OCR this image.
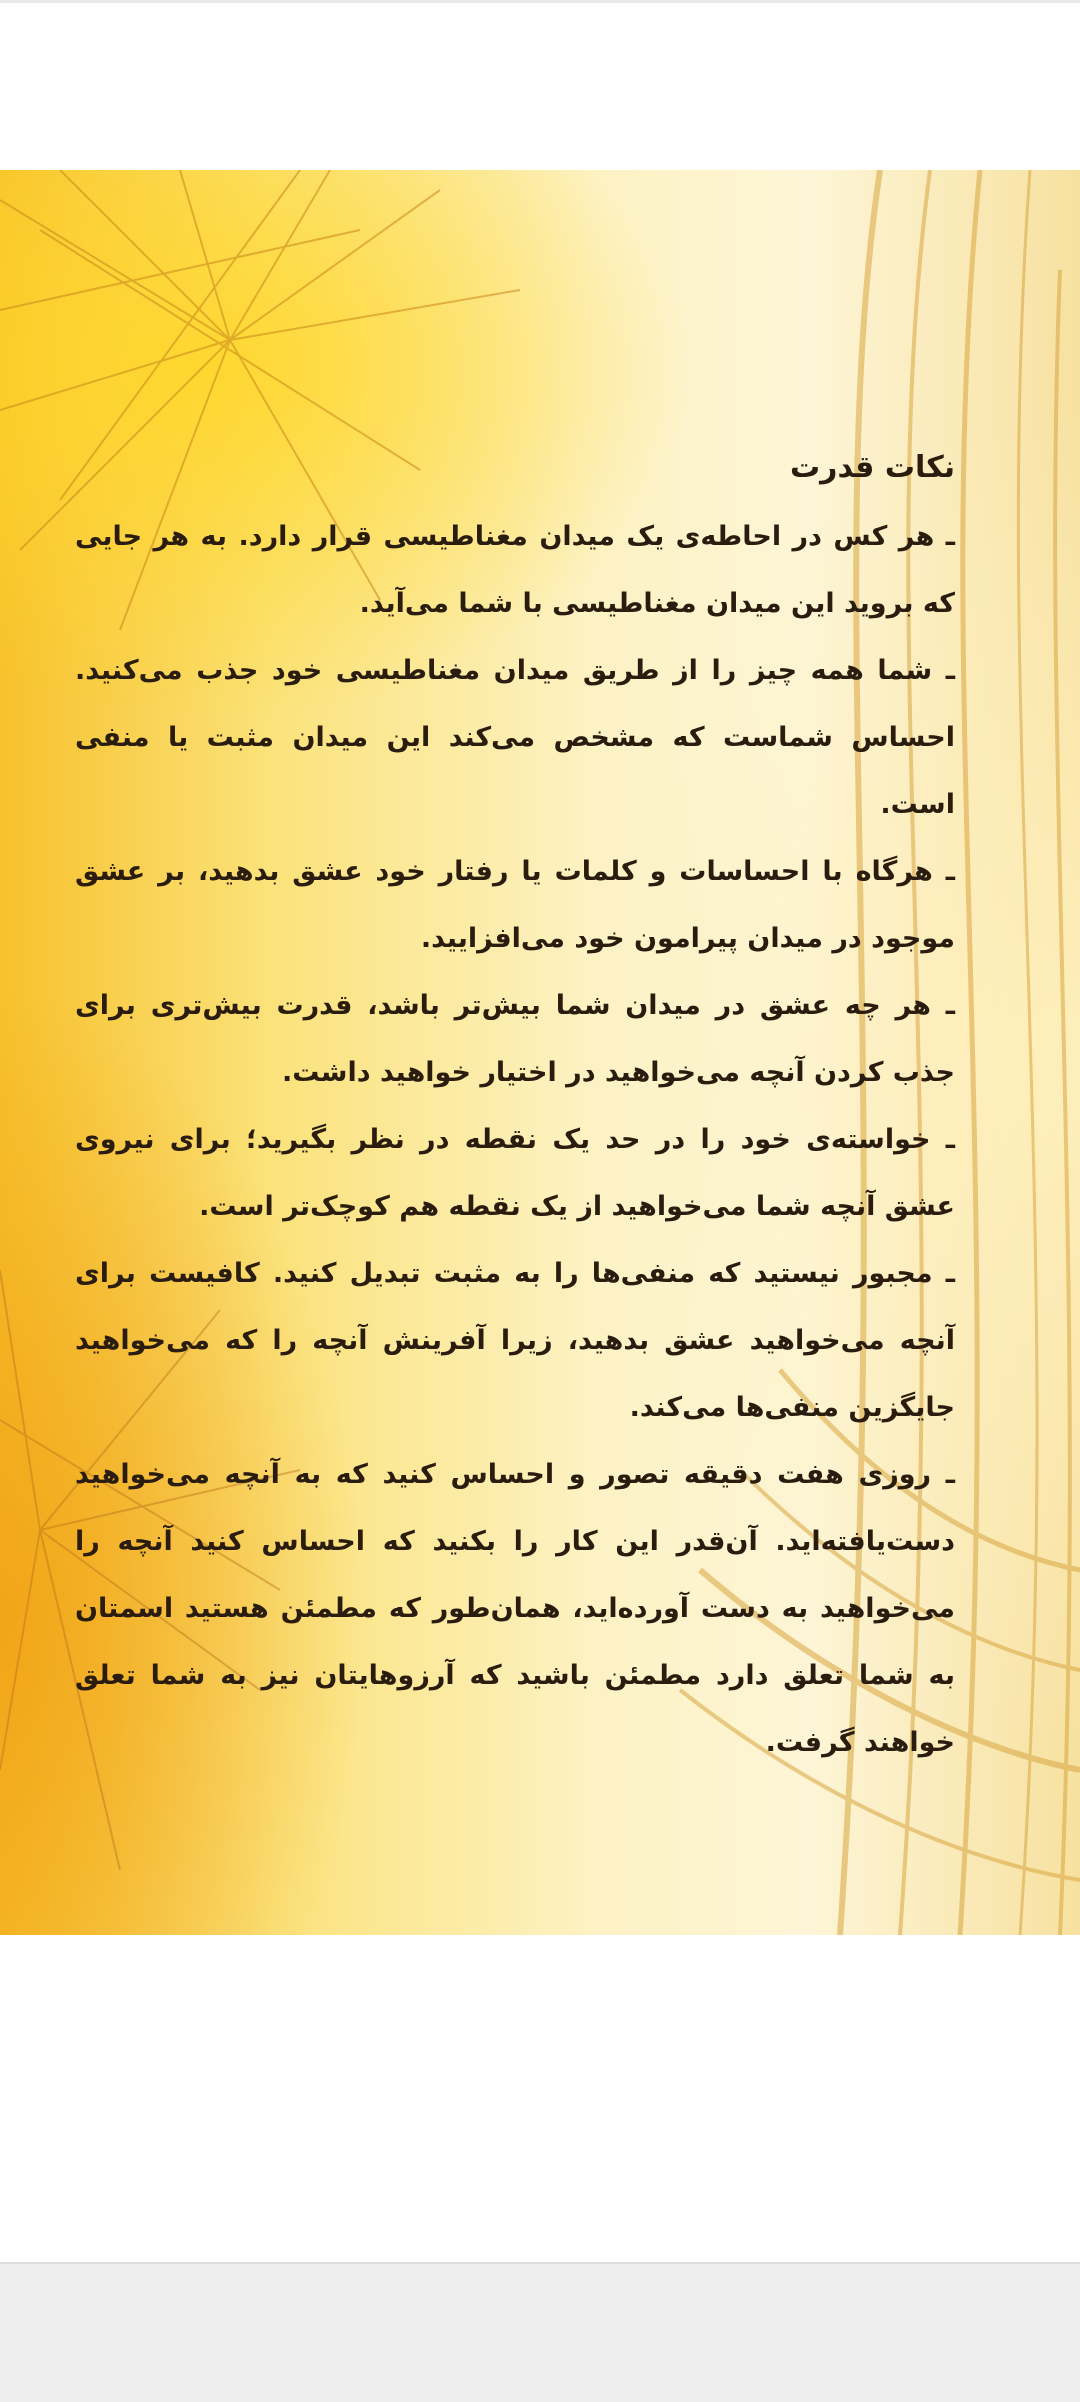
نکات قدرت

ـ هر کس در احاطه‌ی یک میدان مغناطیسی قرار دارد. به هر جایی که بروید این میدان مغناطیسی با شما می‌آید.

ـ شما همه چیز را از طریق میدان مغناطیسی خود جذب می‌کنید. احساس شماست که مشخص می‌کند این میدان مثبت یا منفی است.

ـ هرگاه با احساسات و کلمات یا رفتار خود عشق بدهید، بر عشق موجود در میدان پیرامون خود می‌افزایید.

ـ هر چه عشق در میدان شما بیش‌تر باشد، قدرت بیش‌تری برای جذب کردن آنچه می‌خواهید در اختیار خواهید داشت.

ـ خواسته‌ی خود را در حد یک نقطه در نظر بگیرید؛ برای نیروی عشق آنچه شما می‌خواهید از یک نقطه هم کوچک‌تر است.

ـ مجبور نیستید که منفی‌ها را به مثبت تبدیل کنید. کافیست برای آنچه می‌خواهید عشق بدهید، زیرا آفرینش آنچه را که می‌خواهید جایگزین منفی‌ها می‌کند.

ـ روزی هفت دقیقه تصور و احساس کنید که به آنچه می‌خواهید دست‌یافته‌اید. آن‌قدر این کار را بکنید که احساس کنید آنچه را می‌خواهید به دست آورده‌اید، همان‌طور که مطمئن هستید اسمتان به شما تعلق دارد مطمئن باشید که آرزوهایتان نیز به شما تعلق خواهند گرفت.
